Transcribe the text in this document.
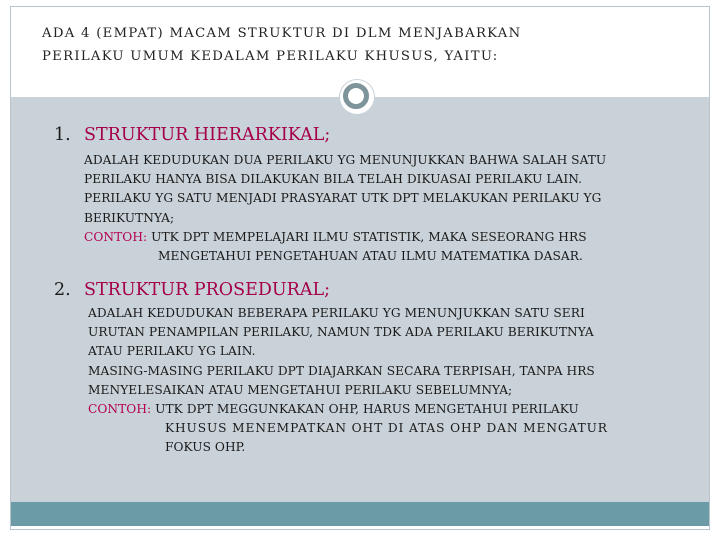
ADA 4 (EMPAT) MACAM STRUKTUR DI DLM MENJABARKAN
PERILAKU UMUM KEDALAM PERILAKU KHUSUS, YAITU:
1. STRUKTUR HIERARKIKAL;
ADALAH KEDUDUKAN DUA PERILAKU YG MENUNJUKKAN BAHWA SALAH SATU
PERILAKU HANYA BISA DILAKUKAN BILA TELAH DIKUASAI PERILAKU LAIN.
PERILAKU YG SATU MENJADI PRASYARAT UTK DPT MELAKUKAN PERILAKU YG
BERIKUTNYA;
CONTOH: UTK DPT MEMPELAJARI ILMU STATISTIK, MAKA SESEORANG HRS
MENGETAHUI PENGETAHUAN ATAU ILMU MATEMATIKA DASAR.
2. STRUKTUR PROSEDURAL;
ADALAH KEDUDUKAN BEBERAPA PERILAKU YG MENUNJUKKAN SATU SERI
URUTAN PENAMPILAN PERILAKU, NAMUN TDK ADA PERILAKU BERIKUTNYA
ATAU PERILAKU YG LAIN.
MASING-MASING PERILAKU DPT DIAJARKAN SECARA TERPISAH, TANPA HRS
MENYELESAIKAN ATAU MENGETAHUI PERILAKU SEBELUMNYA;
CONTOH: UTK DPT MEGGUNKAKAN OHP, HARUS MENGETAHUI PERILAKU
KHUSUS MENEMPATKAN OHT DI ATAS OHP DAN MENGATUR
FOKUS OHP.
